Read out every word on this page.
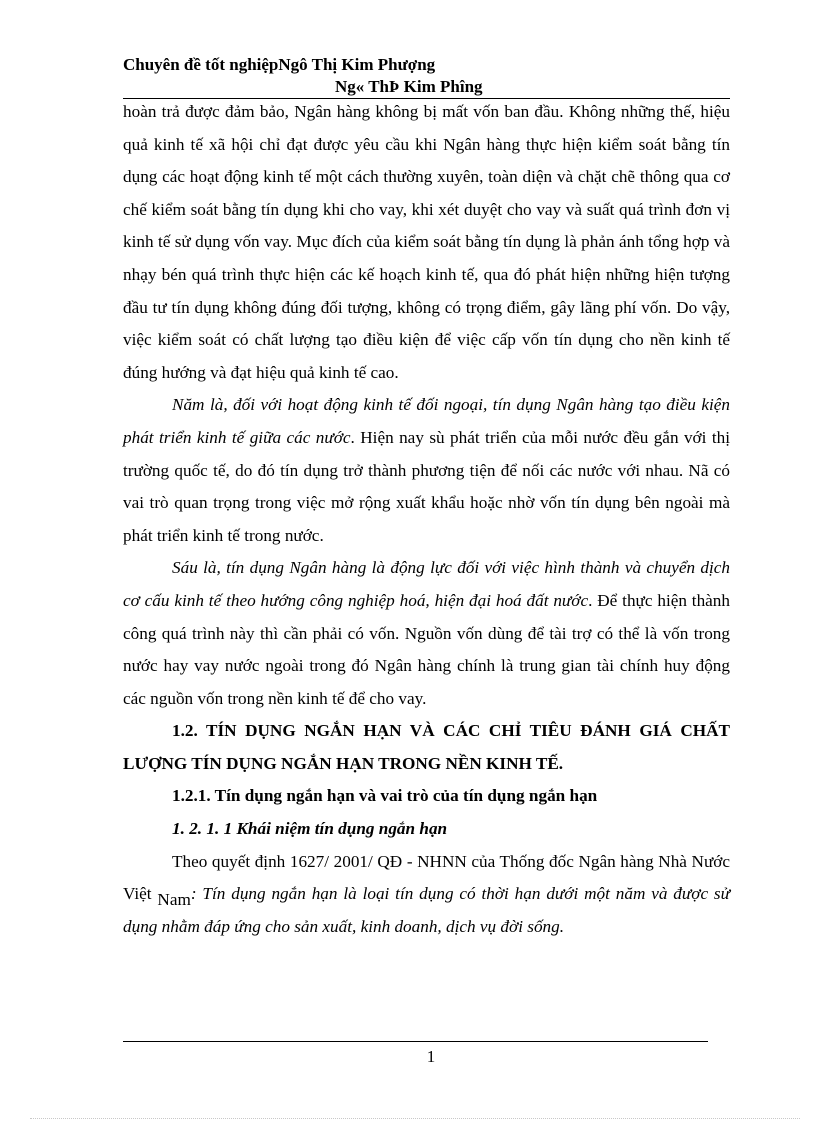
Chuyên đề tốt nghiệpNgô Thị Kim Phượng
Ng« ThÞ Kim Phîng

hoàn trả được đảm bảo, Ngân hàng không bị mất vốn ban đầu. Không những thế, hiệu quả kinh tế xã hội chỉ đạt được yêu cầu khi Ngân hàng thực hiện kiểm soát bằng tín dụng các hoạt động kinh tế một cách thường xuyên, toàn diện và chặt chẽ thông qua cơ chế kiểm soát bằng tín dụng khi cho vay, khi xét duyệt cho vay và suất quá trình đơn vị kinh tế sử dụng vốn vay. Mục đích của kiểm soát bằng tín dụng là phản ánh tổng hợp và nhạy bén quá trình thực hiện các kế hoạch kinh tế, qua đó phát hiện những hiện tượng đầu tư tín dụng không đúng đối tượng, không có trọng điểm, gây lãng phí vốn. Do vậy, việc kiểm soát có chất lượng tạo điều kiện để việc cấp vốn tín dụng cho nền kinh tế đúng hướng và đạt hiệu quả kinh tế cao.

Năm là, đối với hoạt động kinh tế đối ngoại, tín dụng Ngân hàng tạo điều kiện phát triển kinh tế giữa các nước. Hiện nay sù phát triển của mỗi nước đều gắn với thị trường quốc tế, do đó tín dụng trở thành phương tiện để nối các nước với nhau. Nã có vai trò quan trọng trong việc mở rộng xuất khẩu hoặc nhờ vốn tín dụng bên ngoài mà phát triển kinh tế trong nước.

Sáu là, tín dụng Ngân hàng là động lực đối với việc hình thành và chuyển dịch cơ cấu kinh tế theo hướng công nghiệp hoá, hiện đại hoá đất nước. Để thực hiện thành công quá trình này thì cần phải có vốn. Nguồn vốn dùng để tài trợ có thể là vốn trong nước hay vay nước ngoài trong đó Ngân hàng chính là trung gian tài chính huy động các nguồn vốn trong nền kinh tế để cho vay.

1.2. TÍN DỤNG NGẮN HẠN VÀ CÁC CHỈ TIÊU ĐÁNH GIÁ CHẤT LƯỢNG TÍN DỤNG NGẮN HẠN TRONG NỀN KINH TẾ.

1.2.1. Tín dụng ngắn hạn và vai trò của tín dụng ngắn hạn

1. 2. 1. 1 Khái niệm tín dụng ngắn hạn

Theo quyết định 1627/ 2001/ QĐ - NHNN của Thống đốc Ngân hàng Nhà Nước Việt Nam: Tín dụng ngắn hạn là loại tín dụng có thời hạn dưới một năm và được sử dụng nhằm đáp ứng cho sản xuất, kinh doanh, dịch vụ đời sống.

1
